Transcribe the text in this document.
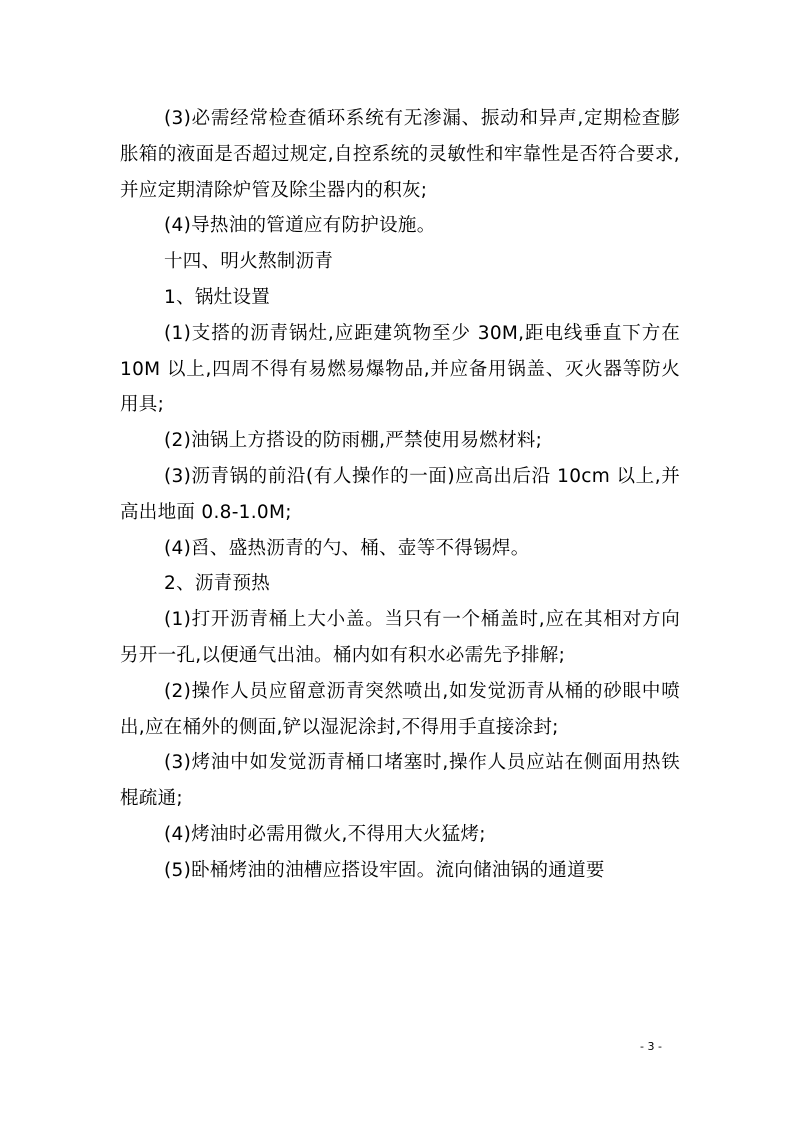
(3)必需经常检查循环系统有无渗漏、振动和异声,定期检查膨胀箱的液面是否超过规定,自控系统的灵敏性和牢靠性是否符合要求,并应定期清除炉管及除尘器内的积灰;

(4)导热油的管道应有防护设施。

十四、明火熬制沥青

1、锅灶设置

(1)支搭的沥青锅灶,应距建筑物至少 30M,距电线垂直下方在 10M 以上,四周不得有易燃易爆物品,并应备用锅盖、灭火器等防火用具;

(2)油锅上方搭设的防雨棚,严禁使用易燃材料;

(3)沥青锅的前沿(有人操作的一面)应高出后沿 10cm 以上,并高出地面 0.8-1.0M;

(4)舀、盛热沥青的勺、桶、壶等不得锡焊。

2、沥青预热

(1)打开沥青桶上大小盖。当只有一个桶盖时,应在其相对方向另开一孔,以便通气出油。桶内如有积水必需先予排解;

(2)操作人员应留意沥青突然喷出,如发觉沥青从桶的砂眼中喷出,应在桶外的侧面,铲以湿泥涂封,不得用手直接涂封;

(3)烤油中如发觉沥青桶口堵塞时,操作人员应站在侧面用热铁棍疏通;

(4)烤油时必需用微火,不得用大火猛烤;

(5)卧桶烤油的油槽应搭设牢固。流向储油锅的通道要

- 3 -
